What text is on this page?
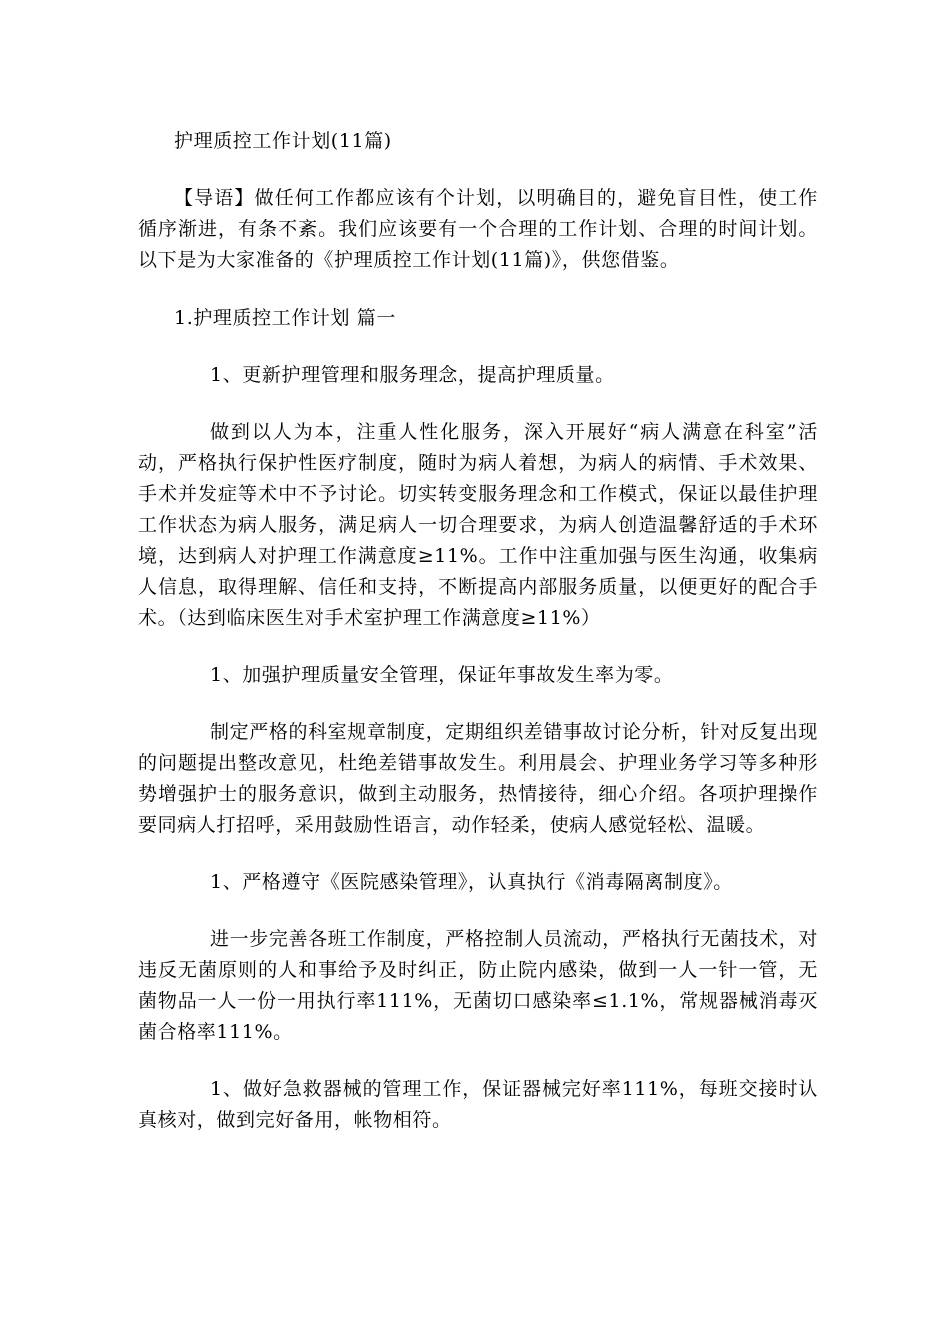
护理质控工作计划(11篇)

【导语】做任何工作都应该有个计划，以明确目的，避免盲目性，使工作循序渐进，有条不紊。我们应该要有一个合理的工作计划、合理的时间计划。以下是为大家准备的《护理质控工作计划(11篇)》，供您借鉴。

1.护理质控工作计划 篇一

1、更新护理管理和服务理念，提高护理质量。

做到以人为本，注重人性化服务，深入开展好“病人满意在科室”活动，严格执行保护性医疗制度，随时为病人着想，为病人的病情、手术效果、手术并发症等术中不予讨论。切实转变服务理念和工作模式，保证以最佳护理工作状态为病人服务，满足病人一切合理要求，为病人创造温馨舒适的手术环境，达到病人对护理工作满意度≥11%。工作中注重加强与医生沟通，收集病人信息，取得理解、信任和支持，不断提高内部服务质量，以便更好的配合手术。（达到临床医生对手术室护理工作满意度≥11%）

1、加强护理质量安全管理，保证年事故发生率为零。

制定严格的科室规章制度，定期组织差错事故讨论分析，针对反复出现的问题提出整改意见，杜绝差错事故发生。利用晨会、护理业务学习等多种形势增强护士的服务意识，做到主动服务，热情接待，细心介绍。各项护理操作要同病人打招呼，采用鼓励性语言，动作轻柔，使病人感觉轻松、温暖。

1、严格遵守《医院感染管理》，认真执行《消毒隔离制度》。

进一步完善各班工作制度，严格控制人员流动，严格执行无菌技术，对违反无菌原则的人和事给予及时纠正，防止院内感染，做到一人一针一管，无菌物品一人一份一用执行率111%，无菌切口感染率≤1.1%，常规器械消毒灭菌合格率111%。

1、做好急救器械的管理工作，保证器械完好率111%，每班交接时认真核对，做到完好备用，帐物相符。
